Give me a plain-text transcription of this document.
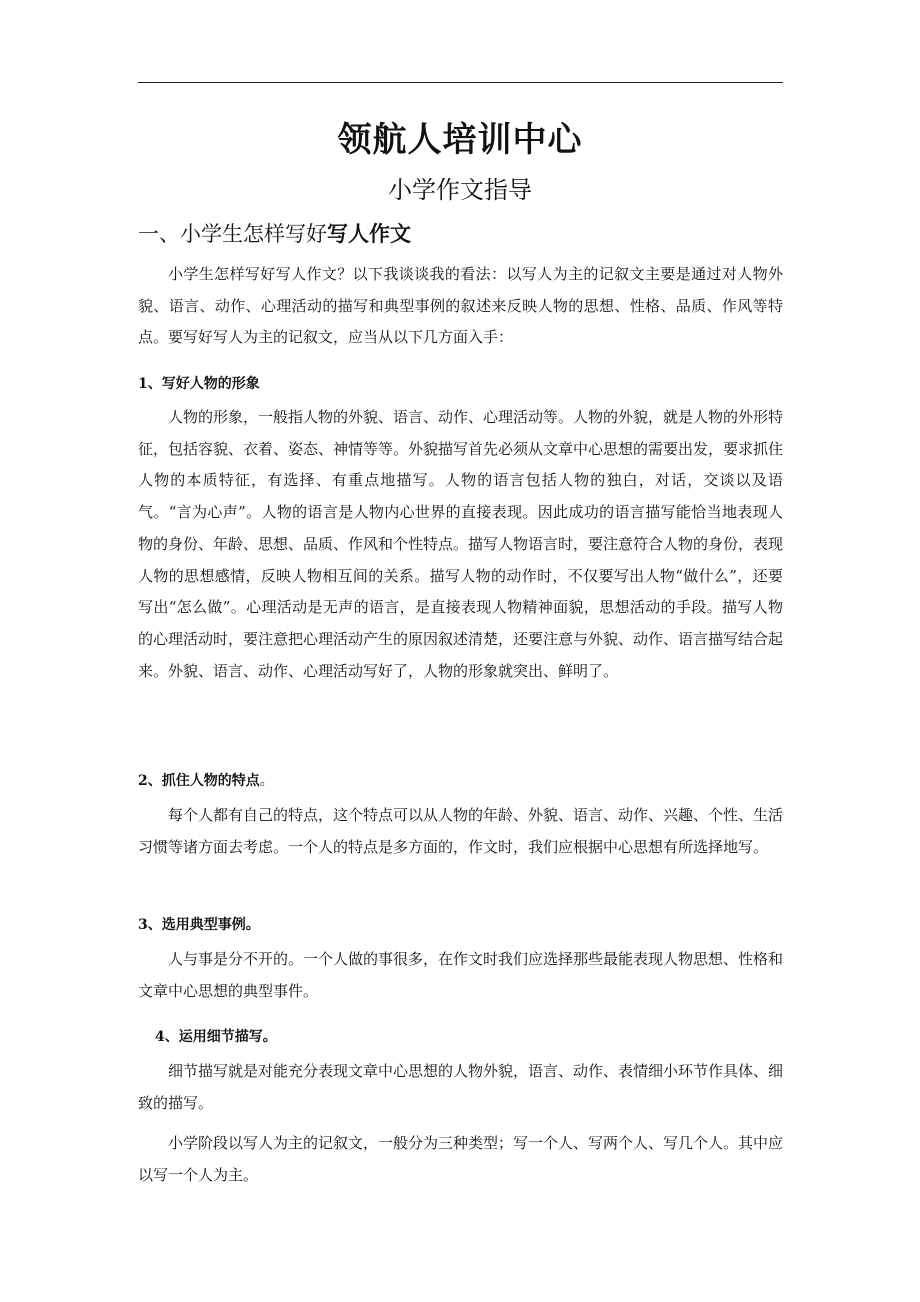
领航人培训中心
小学作文指导
一、小学生怎样写好写人作文
小学生怎样写好写人作文？以下我谈谈我的看法：以写人为主的记叙文主要是通过对人物外貌、语言、动作、心理活动的描写和典型事例的叙述来反映人物的思想、性格、品质、作风等特点。要写好写人为主的记叙文，应当从以下几方面入手：
1、写好人物的形象
人物的形象，一般指人物的外貌、语言、动作、心理活动等。人物的外貌，就是人物的外形特征，包括容貌、衣着、姿态、神情等等。外貌描写首先必须从文章中心思想的需要出发，要求抓住人物的本质特征，有选择、有重点地描写。人物的语言包括人物的独白，对话，交谈以及语气。“言为心声”。人物的语言是人物内心世界的直接表现。因此成功的语言描写能恰当地表现人物的身份、年龄、思想、品质、作风和个性特点。描写人物语言时，要注意符合人物的身份，表现人物的思想感情，反映人物相互间的关系。描写人物的动作时，不仅要写出人物“做什么”，还要写出“怎么做”。心理活动是无声的语言，是直接表现人物精神面貌，思想活动的手段。描写人物的心理活动时，要注意把心理活动产生的原因叙述清楚，还要注意与外貌、动作、语言描写结合起来。外貌、语言、动作、心理活动写好了，人物的形象就突出、鲜明了。
2、抓住人物的特点。
每个人都有自己的特点，这个特点可以从人物的年龄、外貌、语言、动作、兴趣、个性、生活习惯等诸方面去考虑。一个人的特点是多方面的，作文时，我们应根据中心思想有所选择地写。
3、选用典型事例。
人与事是分不开的。一个人做的事很多，在作文时我们应选择那些最能表现人物思想、性格和文章中心思想的典型事件。
4、运用细节描写。
细节描写就是对能充分表现文章中心思想的人物外貌，语言、动作、表情细小环节作具体、细致的描写。
小学阶段以写人为主的记叙文，一般分为三种类型；写一个人、写两个人、写几个人。其中应以写一个人为主。
